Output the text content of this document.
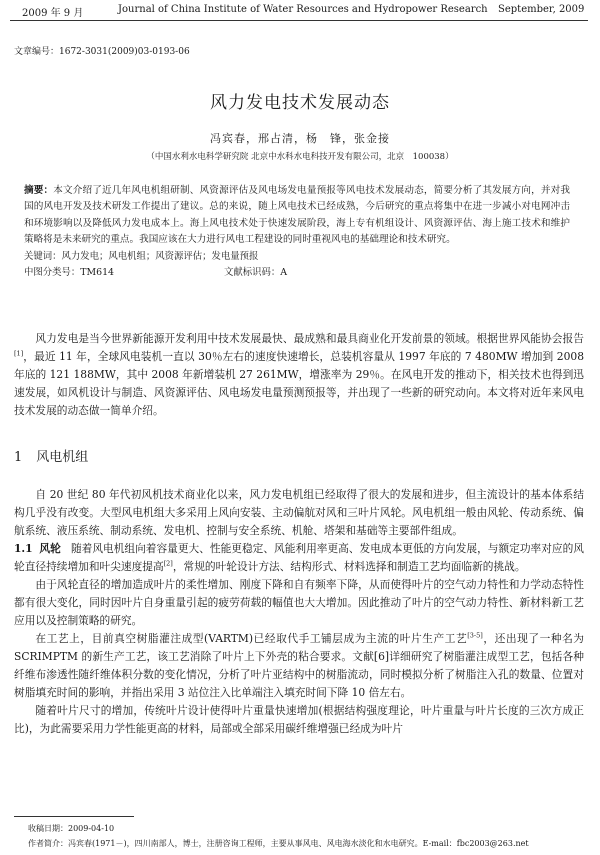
2009 年 9 月	Journal of China Institute of Water Resources and Hydropower Research September, 2009
文章编号：1672-3031(2009)03-0193-06
风力发电技术发展动态
冯宾春，邢占清，杨　锋，张金接
（中国水利水电科学研究院 北京中水科水电科技开发有限公司，北京　100038）

摘要：本文介绍了近几年风电机组研制、风资源评估及风电场发电量预报等风电技术发展动态，简要分析了其发展方向，并对我国的风电开发及技术研发工作提出了建议。总的来说，随上风电技术已经成熟，今后研究的重点将集中在进一步减小对电网冲击和环境影响以及降低风力发电成本上。海上风电技术处于快速发展阶段，海上专有机组设计、风资源评估、海上施工技术和维护策略将是未来研究的重点。我国应该在大力进行风电工程建设的同时重视风电的基础理论和技术研究。

关键词：风力发电；风电机组；风资源评估；发电量预报
中图分类号：TM614	文献标识码：A

风力发电是当今世界新能源开发利用中技术发展最快、最成熟和最具商业化开发前景的领域。根据世界风能协会报告[1]，最近 11 年，全球风电装机一直以 30％左右的速度快速增长，总装机容量从 1997 年底的 7 480MW 增加到 2008 年底的 121 188MW，其中 2008 年新增装机 27 261MW，增涨率为 29％。在风电开发的推动下，相关技术也得到迅速发展，如风机设计与制造、风资源评估、风电场发电量预测预报等，并出现了一些新的研究动向。本文将对近年来风电技术发展的动态做一简单介绍。

1 风电机组

自 20 世纪 80 年代初风机技术商业化以来，风力发电机组已经取得了很大的发展和进步，但主流设计的基本体系结构几乎没有改变。大型风电机组大多采用上风向安装、主动偏航对风和三叶片风轮。风电机组一般由风轮、传动系统、偏航系统、液压系统、制动系统、发电机、控制与安全系统、机舱、塔架和基础等主要部件组成。

1.1 风轮 随着风电机组向着容量更大、性能更稳定、风能利用率更高、发电成本更低的方向发展，与额定功率对应的风轮直径持续增加和叶尖速度提高[2]，常规的叶轮设计方法、结构形式、材料选择和制造工艺均面临新的挑战。

由于风轮直径的增加造成叶片的柔性增加、刚度下降和自有频率下降，从而使得叶片的空气动力特性和力学动态特性都有很大变化，同时因叶片自身重量引起的疲劳荷载的幅值也大大增加。因此推动了叶片的空气动力特性、新材料新工艺应用以及控制策略的研究。

在工艺上，目前真空树脂灌注成型(VARTM)已经取代手工铺层成为主流的叶片生产工艺[3-5]，还出现了一种名为 SCRIMPTM 的新生产工艺，该工艺消除了叶片上下外壳的粘合要求。文献[6]详细研究了树脂灌注成型工艺，包括各种纤维布渗透性随纤维体积分数的变化情况，分析了叶片亚结构中的树脂流动，同时模拟分析了树脂注入孔的数量、位置对树脂填充时间的影响，并指出采用 3 站位注入比单端注入填充时间下降 10 倍左右。

随着叶片尺寸的增加，传统叶片设计使得叶片重量快速增加(根据结构强度理论，叶片重量与叶片长度的三次方成正比)，为此需要采用力学性能更高的材料，局部或全部采用碳纤维增强已经成为叶片

收稿日期：2009-04-10
作者简介：冯宾春(1971－)，四川南部人，博士，注册咨询工程师，主要从事风电、风电海水淡化和水电研究。E-mail：fbc2003@263.net
